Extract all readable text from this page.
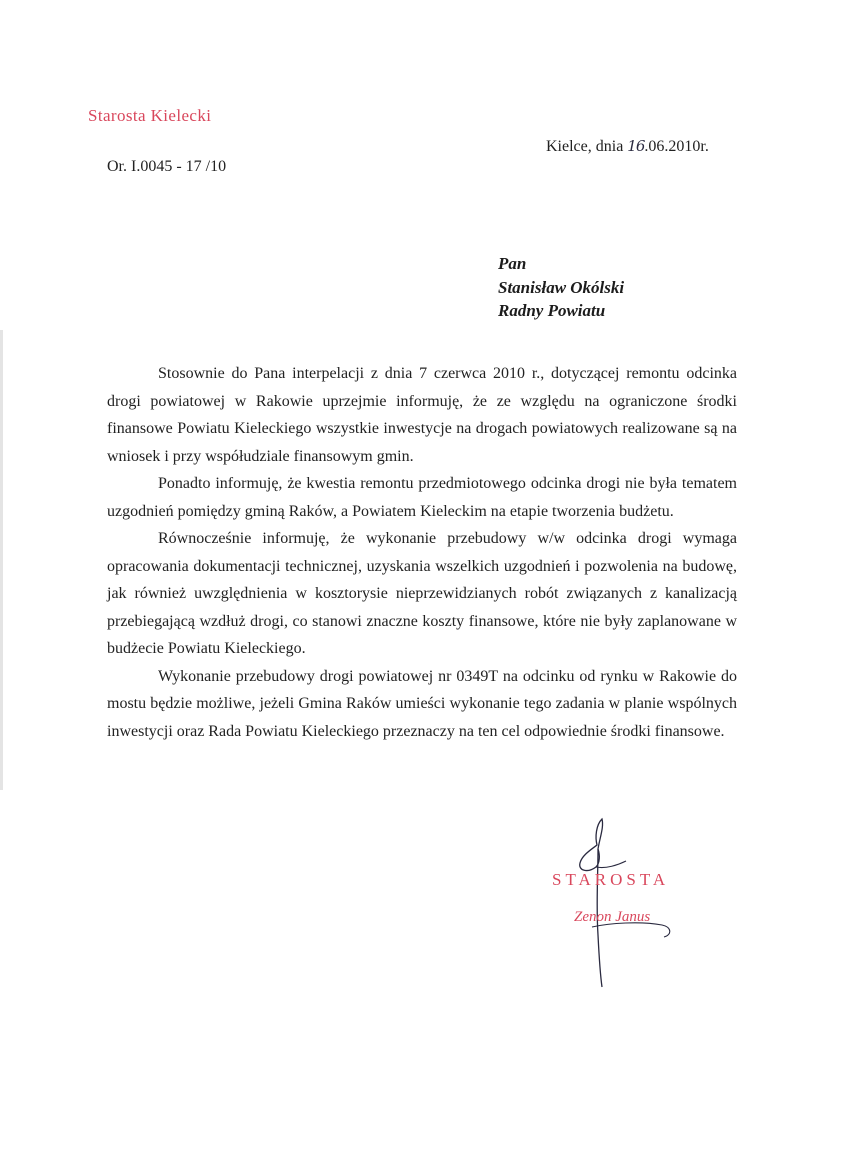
Starosta Kielecki
Or. I.0045 - 17 /10
Kielce, dnia 16.06.2010r.
Pan
Stanisław Okólski
Radny Powiatu

Stosownie do Pana interpelacji z dnia 7 czerwca 2010 r., dotyczącej remontu odcinka drogi powiatowej w Rakowie uprzejmie informuję, że ze względu na ograniczone środki finansowe Powiatu Kieleckiego wszystkie inwestycje na drogach powiatowych realizowane są na wniosek i przy współudziale finansowym gmin.

Ponadto informuję, że kwestia remontu przedmiotowego odcinka drogi nie była tematem uzgodnień pomiędzy gminą Raków, a Powiatem Kieleckim na etapie tworzenia budżetu.

Równocześnie informuję, że wykonanie przebudowy w/w odcinka drogi wymaga opracowania dokumentacji technicznej, uzyskania wszelkich uzgodnień i pozwolenia na budowę, jak również uwzględnienia w kosztorysie nieprzewidzianych robót związanych z kanalizacją przebiegającą wzdłuż drogi, co stanowi znaczne koszty finansowe, które nie były zaplanowane w budżecie Powiatu Kieleckiego.

Wykonanie przebudowy drogi powiatowej nr 0349T na odcinku od rynku w Rakowie do mostu będzie możliwe, jeżeli Gmina Raków umieści wykonanie tego zadania w planie wspólnych inwestycji oraz Rada Powiatu Kieleckiego przeznaczy na ten cel odpowiednie środki finansowe.

STAROSTA
Zenon Janus
